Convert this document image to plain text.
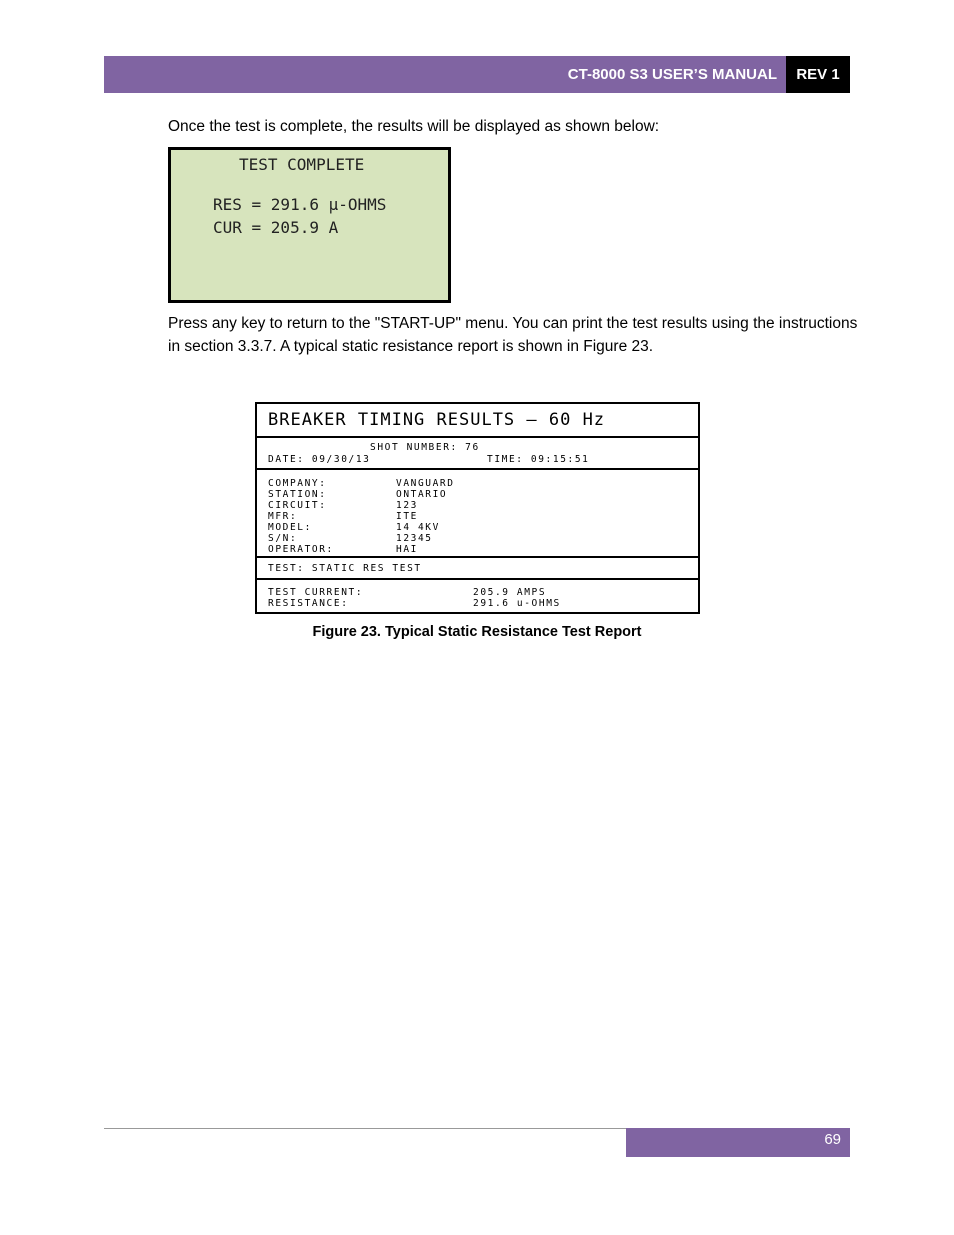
CT-8000 S3 USER’S MANUAL	REV 1
Once the test is complete, the results will be displayed as shown below:
TEST COMPLETE
RES = 291.6 µ-OHMS
CUR = 205.9 A
Press any key to return to the "START-UP" menu. You can print the test results using the instructions in section 3.3.7. A typical static resistance report is shown in Figure 23.
BREAKER TIMING RESULTS — 60 Hz
SHOT NUMBER: 76
DATE: 09/30/13	TIME: 09:15:51
COMPANY:	VANGUARD
STATION:	ONTARIO
CIRCUIT:	123
MFR:	ITE
MODEL:	14 4KV
S/N:	12345
OPERATOR:	HAI
TEST: STATIC RES TEST
TEST CURRENT:	205.9 AMPS
RESISTANCE:	291.6 u-OHMS
Figure 23. Typical Static Resistance Test Report
69
